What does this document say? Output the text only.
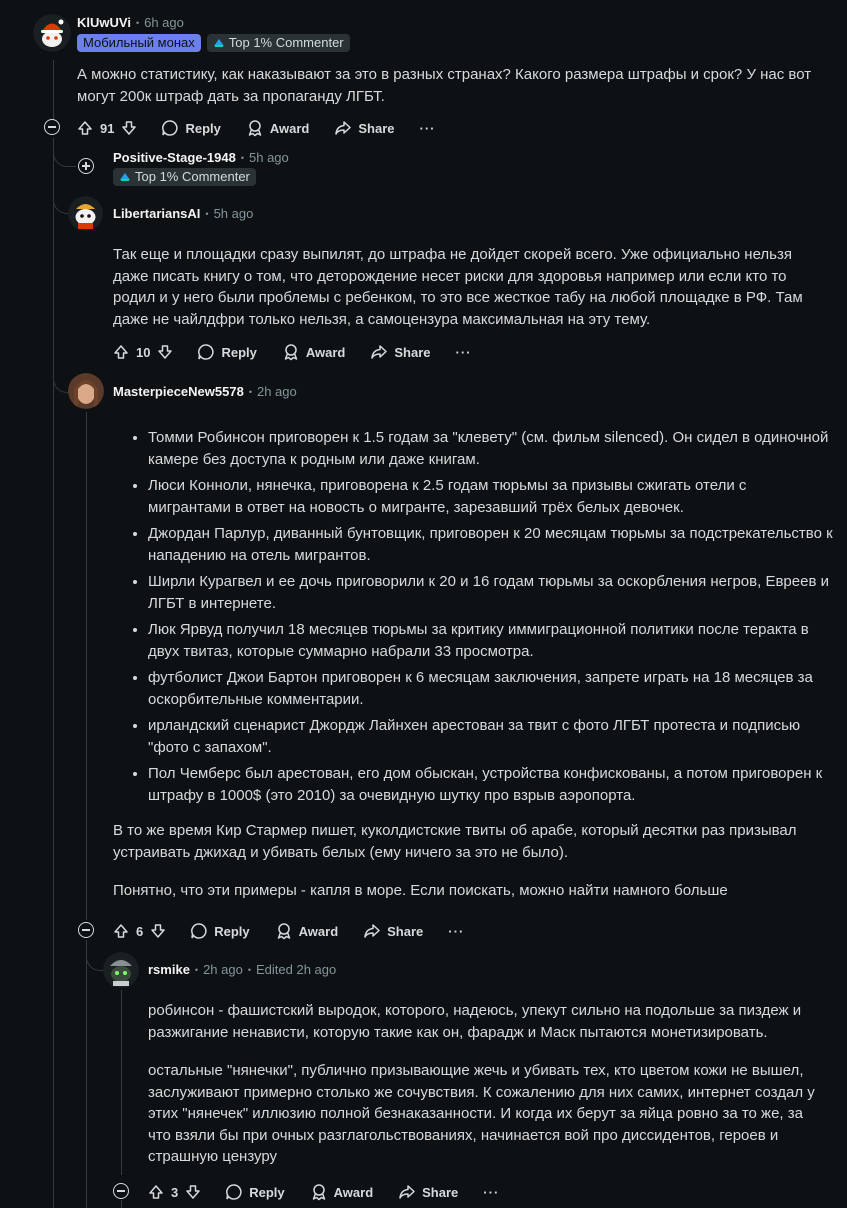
KlUwUVi • 6h ago
Мобильный монах	Top 1% Commenter

А можно статистику, как наказывают за это в разных странах? Какого размера штрафы и срок? У нас вот могут 200к штраф дать за пропаганду ЛГБТ.

91	Reply	Award	Share ···
Positive-Stage-1948 • 5h ago
Top 1% Commenter
LibertariansAI • 5h ago

Так еще и площадки сразу выпилят, до штрафа не дойдет скорей всего. Уже официально нельзя даже писать книгу о том, что деторождение несет риски для здоровья например или если кто то родил и у него были проблемы с ребенком, то это все жесткое табу на любой площадке в РФ. Там даже не чайлдфри только нельзя, а самоцензура максимальная на эту тему.

10	Reply	Award	Share ···
MasterpieceNew5578 • 2h ago
• Томми Робинсон приговорен к 1.5 годам за "клевету" (см. фильм silenced). Он сидел в одиночной камере без доступа к родным или даже книгам.
• Люси Конноли, нянечка, приговорена к 2.5 годам тюрьмы за призывы сжигать отели с мигрантами в ответ на новость о мигранте, зарезавший трёх белых девочек.
• Джордан Парлур, диванный бунтовщик, приговорен к 20 месяцам тюрьмы за подстрекательство к нападению на отель мигрантов.
• Ширли Курагвел и ее дочь приговорили к 20 и 16 годам тюрьмы за оскорбления негров, Евреев и ЛГБТ в интернете.
• Люк Ярвуд получил 18 месяцев тюрьмы за критику иммиграционной политики после теракта в двух твитаз, которые суммарно набрали 33 просмотра.
• футболист Джои Бартон приговорен к 6 месяцам заключения, запрете играть на 18 месяцев за оскорбительные комментарии.
• ирландский сценарист Джордж Лайнхен арестован за твит с фото ЛГБТ протеста и подписью "фото с запахом".
• Пол Чемберс был арестован, его дом обыскан, устройства конфискованы, а потом приговорен к штрафу в 1000$ (это 2010) за очевидную шутку про взрыв аэропорта.

В то же время Кир Стармер пишет, куколдистские твиты об арабе, который десятки раз призывал устраивать джихад и убивать белых (ему ничего за это не было).

Понятно, что эти примеры - капля в море. Если поискать, можно найти намного больше

6	Reply	Award	Share ···
rsmike • 2h ago • Edited 2h ago

робинсон - фашистский выродок, которого, надеюсь, упекут сильно на подольше за пиздеж и разжигание ненависти, которую такие как он, фарадж и Маск пытаются монетизировать.

остальные "нянечки", публично призывающие жечь и убивать тех, кто цветом кожи не вышел, заслуживают примерно столько же сочувствия. К сожалению для них самих, интернет создал у этих "нянечек" иллюзию полной безнаказанности. И когда их берут за яйца ровно за то же, за что взяли бы при очных разглагольствованиях, начинается вой про диссидентов, героев и страшную цензуру

3	Reply	Award	Share ···
